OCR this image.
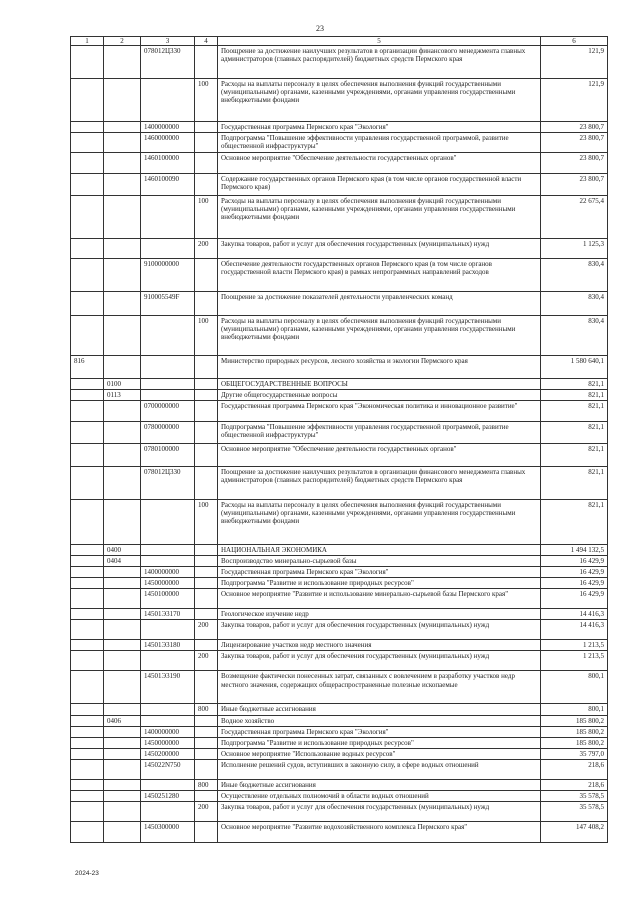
23
1	2	3	4	5	6
		078012Ц330		Поощрение за достижение наилучших результатов в организации финансового менеджмента главных администраторов (главных распорядителей) бюджетных средств Пермского края	121,9
			100	Расходы на выплаты персоналу в целях обеспечения выполнения функций государственными (муниципальными) органами, казенными учреждениями, органами управления государственными внебюджетными фондами	121,9
		1400000000		Государственная программа Пермского края "Экология"	23 800,7
		1460000000		Подпрограмма "Повышение эффективности управления государственной программой, развитие общественной инфраструктуры"	23 800,7
		1460100000		Основное мероприятие "Обеспечение деятельности государственных органов"	23 800,7
		1460100090		Содержание государственных органов Пермского края (в том числе органов государственной власти Пермского края)	23 800,7
			100	Расходы на выплаты персоналу в целях обеспечения выполнения функций государственными (муниципальными) органами, казенными учреждениями, органами управления государственными внебюджетными фондами	22 675,4
			200	Закупка товаров, работ и услуг для обеспечения государственных (муниципальных) нужд	1 125,3
		9100000000		Обеспечение деятельности государственных органов Пермского края (в том числе органов государственной власти Пермского края) в рамках непрограммных направлений расходов	830,4
		910005549F		Поощрение за достижение показателей деятельности управленческих команд	830,4
			100	Расходы на выплаты персоналу в целях обеспечения выполнения функций государственными (муниципальными) органами, казенными учреждениями, органами управления государственными внебюджетными фондами	830,4
816				Министерство природных ресурсов, лесного хозяйства и экологии Пермского края	1 580 640,1
	0100			ОБЩЕГОСУДАРСТВЕННЫЕ ВОПРОСЫ	821,1
	0113			Другие общегосударственные вопросы	821,1
		0700000000		Государственная программа Пермского края "Экономическая политика и инновационное развитие"	821,1
		0780000000		Подпрограмма "Повышение эффективности управления государственной программой, развитие общественной инфраструктуры"	821,1
		0780100000		Основное мероприятие "Обеспечение деятельности государственных органов"	821,1
		078012Ц330		Поощрение за достижение наилучших результатов в организации финансового менеджмента главных администраторов (главных распорядителей) бюджетных средств Пермского края	821,1
			100	Расходы на выплаты персоналу в целях обеспечения выполнения функций государственными (муниципальными) органами, казенными учреждениями, органами управления государственными внебюджетными фондами	821,1
	0400			НАЦИОНАЛЬНАЯ ЭКОНОМИКА	1 494 132,5
	0404			Воспроизводство минерально-сырьевой базы	16 429,9
		1400000000		Государственная программа Пермского края "Экология"	16 429,9
		1450000000		Подпрограмма "Развитие и использование природных ресурсов"	16 429,9
		1450100000		Основное мероприятие "Развитие и использование минерально-сырьевой базы Пермского края"	16 429,9
		14501Э3170		Геологическое изучение недр	14 416,3
			200	Закупка товаров, работ и услуг для обеспечения государственных (муниципальных) нужд	14 416,3
		14501Э3180		Лицензирование участков недр местного значения	1 213,5
			200	Закупка товаров, работ и услуг для обеспечения государственных (муниципальных) нужд	1 213,5
		14501Э3190		Возмещение фактически понесенных затрат, связанных с вовлечением в разработку участков недр местного значения, содержащих общераспространенные полезные ископаемые	800,1
			800	Иные бюджетные ассигнования	800,1
	0406			Водное хозяйство	185 800,2
		1400000000		Государственная программа Пермского края "Экология"	185 800,2
		1450000000		Подпрограмма "Развитие и использование природных ресурсов"	185 800,2
		1450200000		Основное мероприятие "Использование водных ресурсов"	35 797,0
		145022N750		Исполнение решений судов, вступивших в законную силу, в сфере водных отношений	218,6
			800	Иные бюджетные ассигнования	218,6
		1450251280		Осуществление отдельных полномочий в области водных отношений	35 578,5
			200	Закупка товаров, работ и услуг для обеспечения государственных (муниципальных) нужд	35 578,5
		1450300000		Основное мероприятие "Развитие водохозяйственного комплекса Пермского края"	147 408,2
2024-23
